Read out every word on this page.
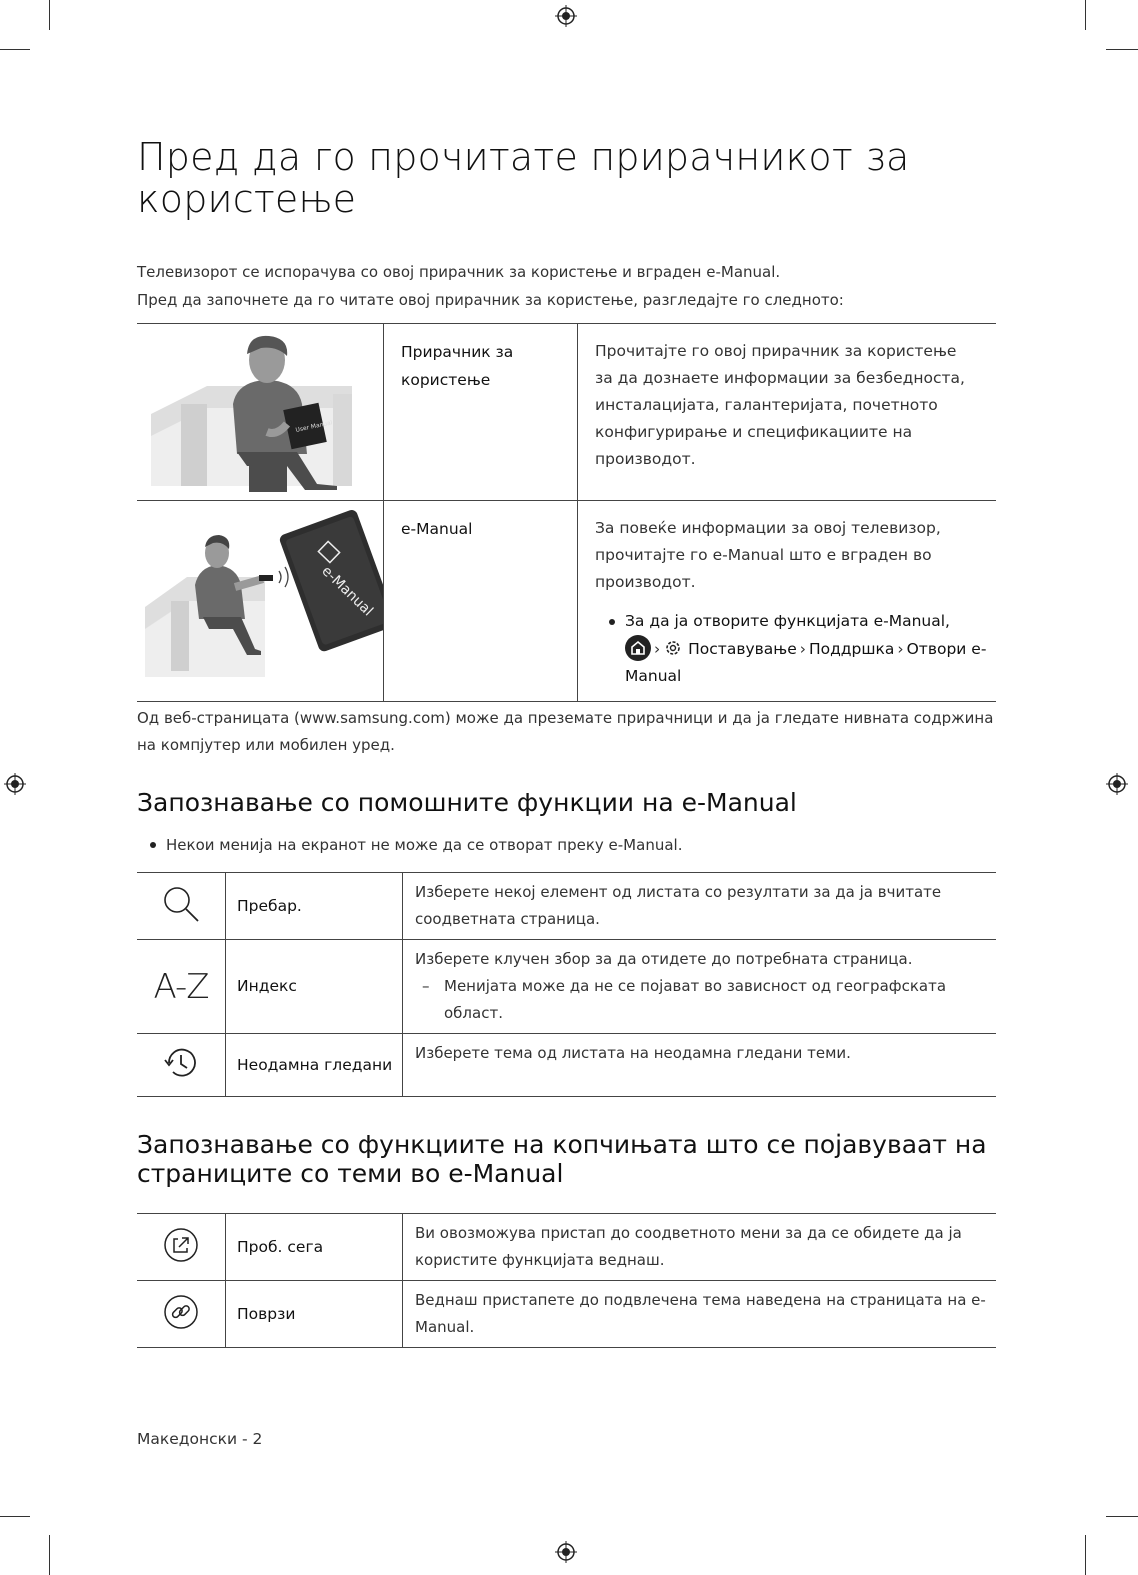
Пред да го прочитате прирачникот за користење

Телевизорот се испорачува со овој прирачник за користење и вграден e-Manual.

Пред да започнете да го читате овој прирачник за користење, разгледајте го следното:

User Manual	Прирачник за користење	Прочитајте го овој прирачник за користење за да дознаете информации за безбедноста, инсталацијата, галантеријата, почетното конфигурирање и спецификациите на производот.

e-Manual	e-Manual	За повеќе информации за овој телевизор, прочитајте го e-Manual што е вграден во производот.
За да ја отворите функцијата e-Manual,
› Поставување › Поддршка › Отвори e-Manual

Од веб-страницата (www.samsung.com) може да преземате прирачници и да ја гледате нивната содржина на компјутер или мобилен уред.

Запознавање со помошните функции на e-Manual
Некои менија на екранот не може да се отворат преку e-Manual.
	Пребар.	Изберете некој елемент од листата со резултати за да ја вчитате соодветната страница.
A-Z	Индекс	Изберете клучен збор за да отидете до потребната страница.
– Менијата може да не се појават во зависност од географската област.

	Неодамна гледани	Изберете тема од листата на неодамна гледани теми.
Запознавање со функциите на копчињата што се појавуваат на страниците со теми во e-Manual
	Проб. сега	Ви овозможува пристап до соодветното мени за да се обидете да ја користите функцијата веднаш.
	Поврзи	Веднаш пристапете до подвлечена тема наведена на страницата на e-Manual.
Македонски - 2
